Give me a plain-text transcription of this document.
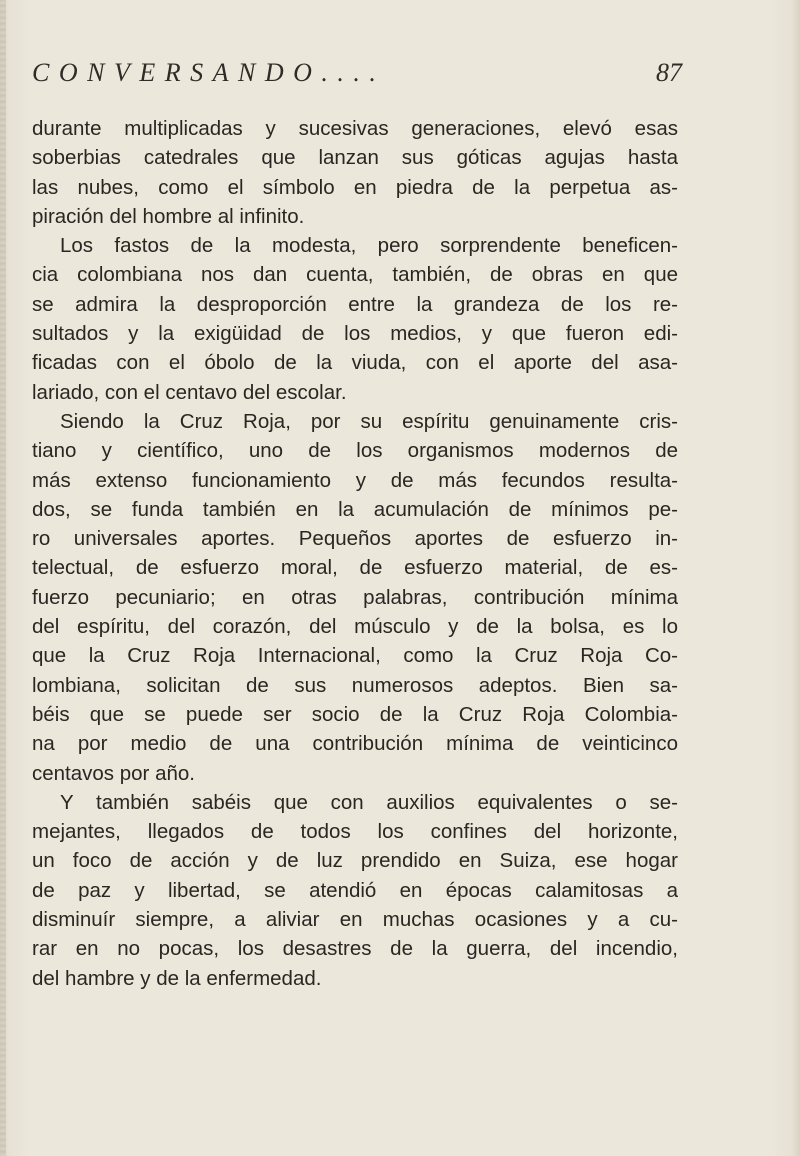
CONVERSANDO....	87
durante multiplicadas y sucesivas generaciones, elevó esas
soberbias catedrales que lanzan sus góticas agujas hasta
las nubes, como el símbolo en piedra de la perpetua as-
piración del hombre al infinito.
Los fastos de la modesta, pero sorprendente beneficen-
cia colombiana nos dan cuenta, también, de obras en que
se admira la desproporción entre la grandeza de los re-
sultados y la exigüidad de los medios, y que fueron edi-
ficadas con el óbolo de la viuda, con el aporte del asa-
lariado, con el centavo del escolar.
Siendo la Cruz Roja, por su espíritu genuinamente cris-
tiano y científico, uno de los organismos modernos de
más extenso funcionamiento y de más fecundos resulta-
dos, se funda también en la acumulación de mínimos pe-
ro universales aportes. Pequeños aportes de esfuerzo in-
telectual, de esfuerzo moral, de esfuerzo material, de es-
fuerzo pecuniario; en otras palabras, contribución mínima
del espíritu, del corazón, del músculo y de la bolsa, es lo
que la Cruz Roja Internacional, como la Cruz Roja Co-
lombiana, solicitan de sus numerosos adeptos. Bien sa-
béis que se puede ser socio de la Cruz Roja Colombia-
na por medio de una contribución mínima de veinticinco
centavos por año.
Y también sabéis que con auxilios equivalentes o se-
mejantes, llegados de todos los confines del horizonte,
un foco de acción y de luz prendido en Suiza, ese hogar
de paz y libertad, se atendió en épocas calamitosas a
disminuír siempre, a aliviar en muchas ocasiones y a cu-
rar en no pocas, los desastres de la guerra, del incendio,
del hambre y de la enfermedad.
